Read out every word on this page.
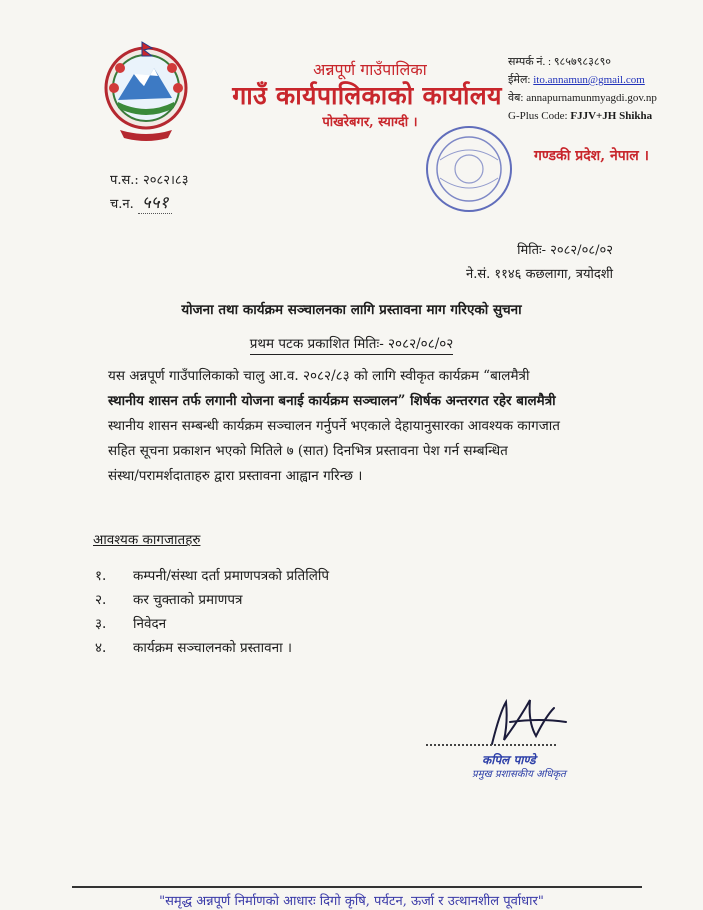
अन्नपूर्ण गाउँपालिका
गाउँ कार्यपालिकाको कार्यालय
पोखरेबगर, स्याग्दी ।
सम्पर्क नं. : ९८५७९८३८९०
ईमेल: ito.annamun@gmail.com
वेब: annapurnamunmyagdi.gov.np
G-Plus Code: FJJV+JH Shikha
गण्डकी प्रदेश, नेपाल ।
प.स.: २०८२।८३
च.न. ५५१
मितिः- २०८२/०८/०२
ने.सं. ११४६ कछलागा, त्रयोदशी
योजना तथा कार्यक्रम सञ्चालनका लागि प्रस्तावना माग गरिएको सुचना
प्रथम पटक प्रकाशित मितिः- २०८२/०८/०२
यस अन्नपूर्ण गाउँपालिकाको चालु आ.व. २०८२/८३ को लागि स्वीकृत कार्यक्रम “बालमैत्री
स्थानीय शासन तर्फ लगानी योजना बनाई कार्यक्रम सञ्चालन” शिर्षक अन्तरगत रहेर बालमैत्री
स्थानीय शासन सम्बन्धी कार्यक्रम सञ्चालन गर्नुपर्ने भएकाले देहायानुसारका आवश्यक कागजात
सहित सूचना प्रकाशन भएको मितिले ७ (सात) दिनभित्र प्रस्तावना पेश गर्न सम्बन्धित
संस्था/परामर्शदाताहरु द्वारा प्रस्तावना आह्वान गरिन्छ ।
आवश्यक कागजातहरु
१. कम्पनी/संस्था दर्ता प्रमाणपत्रको प्रतिलिपि
२. कर चुक्ताको प्रमाणपत्र
३. निवेदन
४. कार्यक्रम सञ्चालनको प्रस्तावना ।
कपिल पाण्डे
प्रमुख प्रशासकीय अधिकृत
"समृद्ध अन्नपूर्ण निर्माणको आधारः दिगो कृषि, पर्यटन, ऊर्जा र उत्थानशील पूर्वाधार"
